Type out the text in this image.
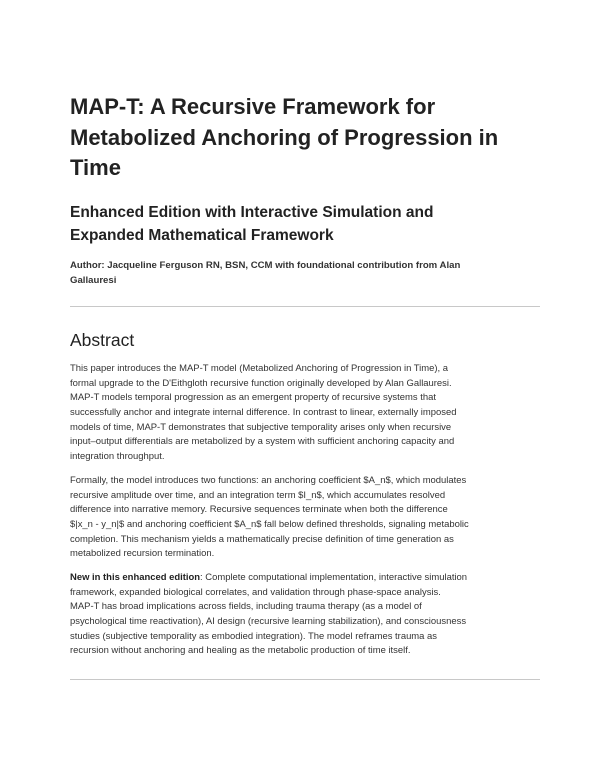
MAP-T: A Recursive Framework for
Metabolized Anchoring of Progression in
Time
Enhanced Edition with Interactive Simulation and
Expanded Mathematical Framework

Author: Jacqueline Ferguson RN, BSN, CCM with foundational contribution from Alan
Gallauresi

Abstract

This paper introduces the MAP-T model (Metabolized Anchoring of Progression in Time), a
formal upgrade to the D'Eithgloth recursive function originally developed by Alan Gallauresi.
MAP-T models temporal progression as an emergent property of recursive systems that
successfully anchor and integrate internal difference. In contrast to linear, externally imposed
models of time, MAP-T demonstrates that subjective temporality arises only when recursive
input–output differentials are metabolized by a system with sufficient anchoring capacity and
integration throughput.

Formally, the model introduces two functions: an anchoring coefficient $A_n$, which modulates
recursive amplitude over time, and an integration term $I_n$, which accumulates resolved
difference into narrative memory. Recursive sequences terminate when both the difference
$|x_n - y_n|$ and anchoring coefficient $A_n$ fall below defined thresholds, signaling metabolic
completion. This mechanism yields a mathematically precise definition of time generation as
metabolized recursion termination.

New in this enhanced edition: Complete computational implementation, interactive simulation
framework, expanded biological correlates, and validation through phase-space analysis.
MAP-T has broad implications across fields, including trauma therapy (as a model of
psychological time reactivation), AI design (recursive learning stabilization), and consciousness
studies (subjective temporality as embodied integration). The model reframes trauma as
recursion without anchoring and healing as the metabolic production of time itself.
